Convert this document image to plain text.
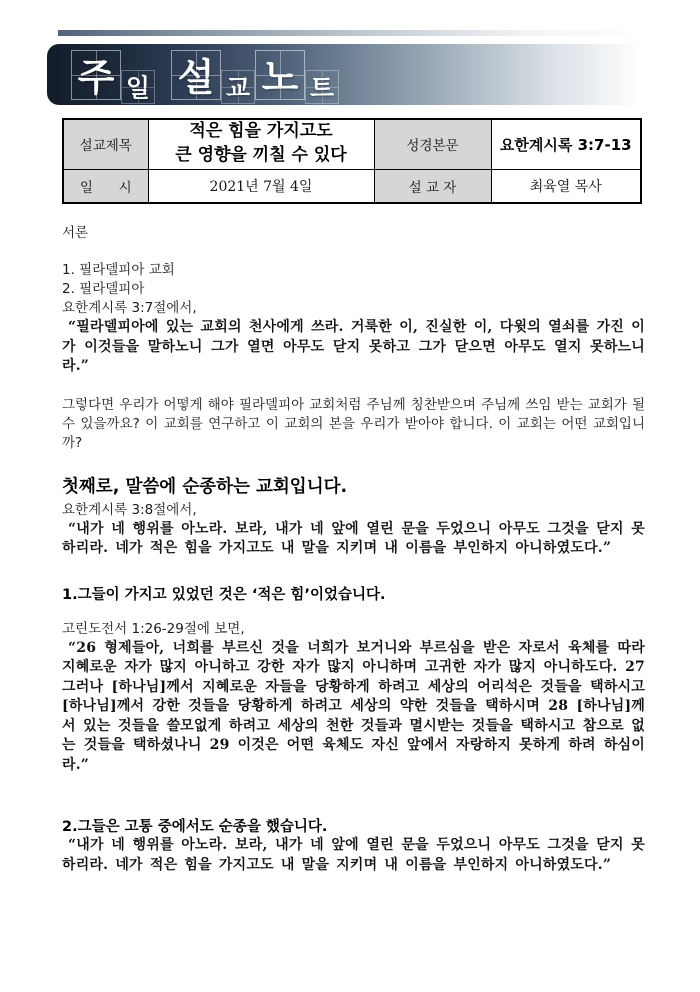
주 일 설 교 노 트
설교제목	적은 힘을 가지고도
큰 영향을 끼칠 수 있다	성경본문	요한계시록 3:7-13
일      시	2021년 7월 4일	설 교 자	최육열 목사

서론

1. 필라델피아 교회

2. 필라델피아

요한계시록 3:7절에서,

“필라델피아에 있는 교회의 천사에게 쓰라. 거룩한 이, 진실한 이, 다윗의 열쇠를 가진 이가 이것들을 말하노니 그가 열면 아무도 닫지 못하고 그가 닫으면 아무도 열지 못하느니라.”

그렇다면 우리가 어떻게 해야 필라델피아 교회처럼 주님께 칭찬받으며 주님께 쓰임 받는 교회가 될 수 있을까요? 이 교회를 연구하고 이 교회의 본을 우리가 받아야 합니다. 이 교회는 어떤 교회입니까?

첫째로, 말씀에 순종하는 교회입니다.

요한계시록 3:8절에서,

“내가 네 행위를 아노라. 보라, 내가 네 앞에 열린 문을 두었으니 아무도 그것을 닫지 못하리라. 네가 적은 힘을 가지고도 내 말을 지키며 내 이름을 부인하지 아니하였도다.”

1.그들이 가지고 있었던 것은 ‘적은 힘’이었습니다.

고린도전서 1:26-29절에 보면,

“26 형제들아, 너희를 부르신 것을 너희가 보거니와 부르심을 받은 자로서 육체를 따라 지혜로운 자가 많지 아니하고 강한 자가 많지 아니하며 고귀한 자가 많지 아니하도다. 27 그러나 [하나님]께서 지혜로운 자들을 당황하게 하려고 세상의 어리석은 것들을 택하시고 [하나님]께서 강한 것들을 당황하게 하려고 세상의 약한 것들을 택하시며 28 [하나님]께서 있는 것들을 쓸모없게 하려고 세상의 천한 것들과 멸시받는 것들을 택하시고 참으로 없는 것들을 택하셨나니 29 이것은 어떤 육체도 자신 앞에서 자랑하지 못하게 하려 하심이라.”

2.그들은 고통 중에서도 순종을 했습니다.

“내가 네 행위를 아노라. 보라, 내가 네 앞에 열린 문을 두었으니 아무도 그것을 닫지 못하리라. 네가 적은 힘을 가지고도 내 말을 지키며 내 이름을 부인하지 아니하였도다.”
